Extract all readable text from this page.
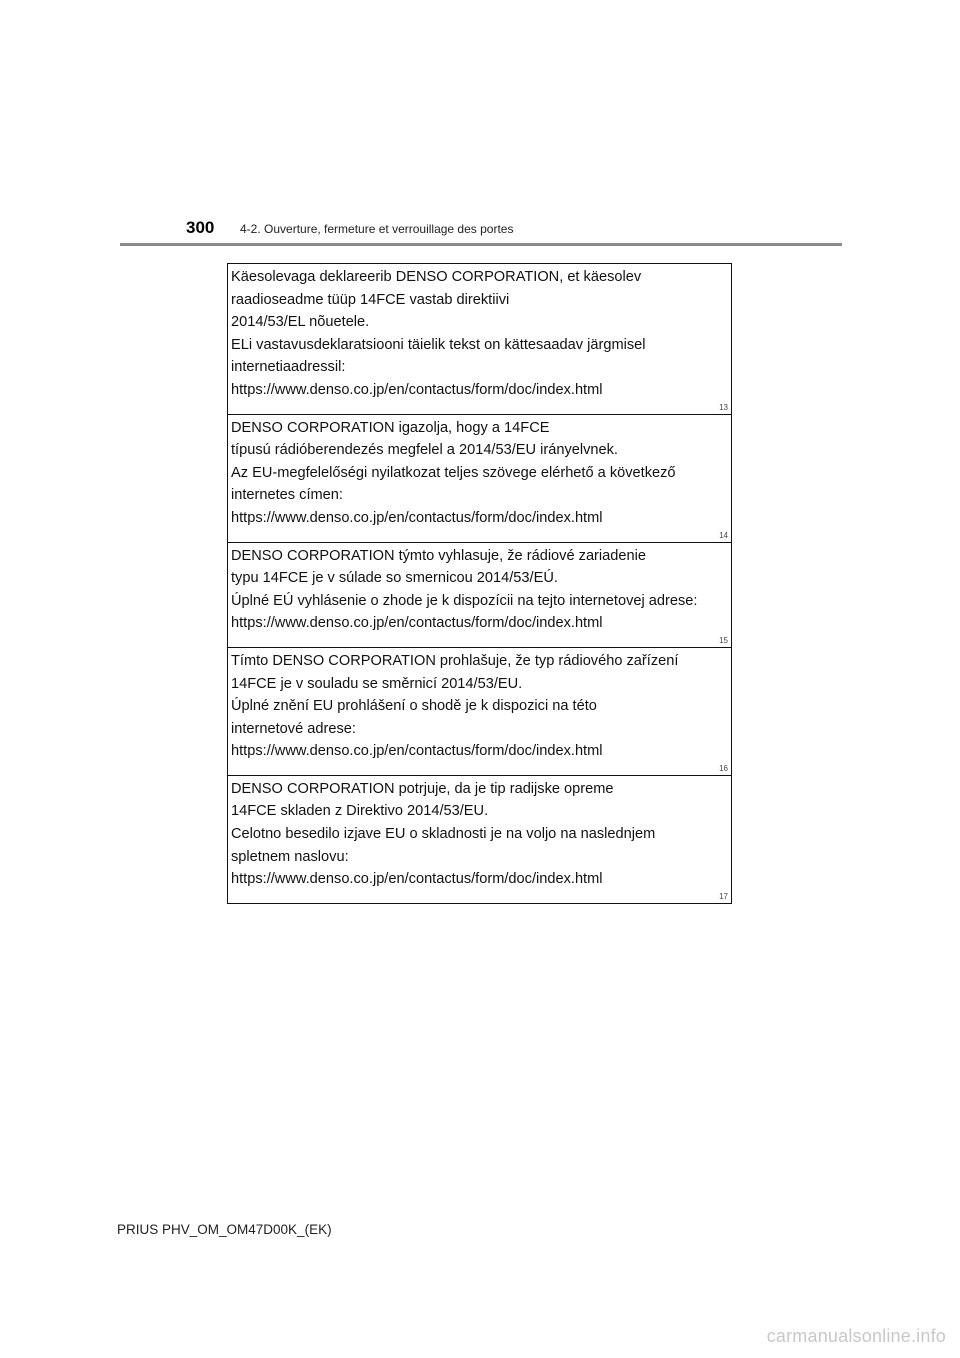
300 4-2. Ouverture, fermeture et verrouillage des portes
Käesolevaga deklareerib DENSO CORPORATION, et käesolev
raadioseadme tüüp 14FCE vastab direktiivi
2014/53/EL nõuetele.
ELi vastavusdeklaratsiooni täielik tekst on kättesaadav järgmisel
internetiaadressil:
https://www.denso.co.jp/en/contactus/form/doc/index.html
13
DENSO CORPORATION igazolja, hogy a 14FCE
típusú rádióberendezés megfelel a 2014/53/EU irányelvnek.
Az EU-megfelelőségi nyilatkozat teljes szövege elérhető a következő
internetes címen:
https://www.denso.co.jp/en/contactus/form/doc/index.html
14
DENSO CORPORATION týmto vyhlasuje, že rádiové zariadenie
typu 14FCE je v súlade so smernicou 2014/53/EÚ.
Úplné EÚ vyhlásenie o zhode je k dispozícii na tejto internetovej adrese:
https://www.denso.co.jp/en/contactus/form/doc/index.html
15
Tímto DENSO CORPORATION prohlašuje, že typ rádiového zařízení
14FCE je v souladu se směrnicí 2014/53/EU.
Úplné znění EU prohlášení o shodě je k dispozici na této
internetové adrese:
https://www.denso.co.jp/en/contactus/form/doc/index.html
16
DENSO CORPORATION potrjuje, da je tip radijske opreme
14FCE skladen z Direktivo 2014/53/EU.
Celotno besedilo izjave EU o skladnosti je na voljo na naslednjem
spletnem naslovu:
https://www.denso.co.jp/en/contactus/form/doc/index.html
17
PRIUS PHV_OM_OM47D00K_(EK)
carmanualsonline.info
